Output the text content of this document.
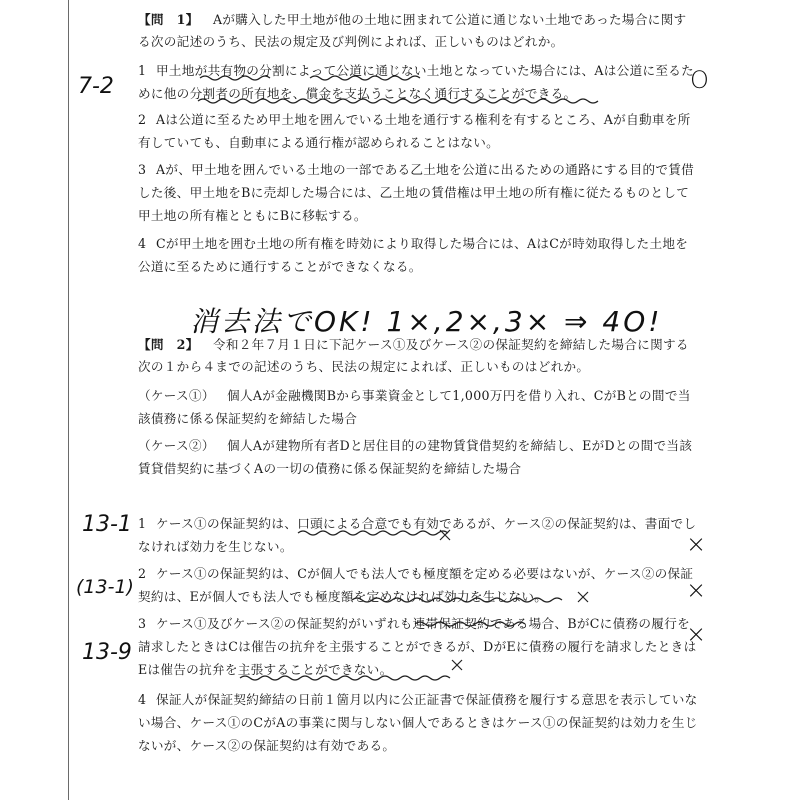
【問　1】 Aが購入した甲土地が他の土地に囲まれて公道に通じない土地であった場合に関する次の記述のうち、民法の規定及び判例によれば、正しいものはどれか。
1 甲土地が共有物の分割によって公道に通じない土地となっていた場合には、Aは公道に至るために他の分割者の所有地を、償金を支払うことなく通行することができる。
2 Aは公道に至るため甲土地を囲んでいる土地を通行する権利を有するところ、Aが自動車を所有していても、自動車による通行権が認められることはない。
3 Aが、甲土地を囲んでいる土地の一部である乙土地を公道に出るための通路にする目的で賃借した後、甲土地をBに売却した場合には、乙土地の賃借権は甲土地の所有権に従たるものとして甲土地の所有権とともにBに移転する。
4 Cが甲土地を囲む土地の所有権を時効により取得した場合には、AはCが時効取得した土地を公道に至るために通行することができなくなる。
7-2	O
消去法でOK! 1×,2×,3× ⇒ 4O!
【問　2】 令和２年７月１日に下記ケース①及びケース②の保証契約を締結した場合に関する次の１から４までの記述のうち、民法の規定によれば、正しいものはどれか。
（ケース①） 個人Aが金融機関Bから事業資金として1,000万円を借り入れ、CがBとの間で当該債務に係る保証契約を締結した場合
（ケース②） 個人Aが建物所有者Dと居住目的の建物賃貸借契約を締結し、EがDとの間で当該賃貸借契約に基づくAの一切の債務に係る保証契約を締結した場合
1 ケース①の保証契約は、口頭による合意でも有効であるが、ケース②の保証契約は、書面でしなければ効力を生じない。
2 ケース①の保証契約は、Cが個人でも法人でも極度額を定める必要はないが、ケース②の保証契約は、Eが個人でも法人でも極度額を定めなければ効力を生じない。
3 ケース①及びケース②の保証契約がいずれも連帯保証契約である場合、BがCに債務の履行を請求したときはCは催告の抗弁を主張することができるが、DがEに債務の履行を請求したときはEは催告の抗弁を主張することができない。
4 保証人が保証契約締結の日前１箇月以内に公正証書で保証債務を履行する意思を表示していない場合、ケース①のCがAの事業に関与しない個人であるときはケース①の保証契約は効力を生じないが、ケース②の保証契約は有効である。
13-1
(13-1)
13-9
×
×
×
